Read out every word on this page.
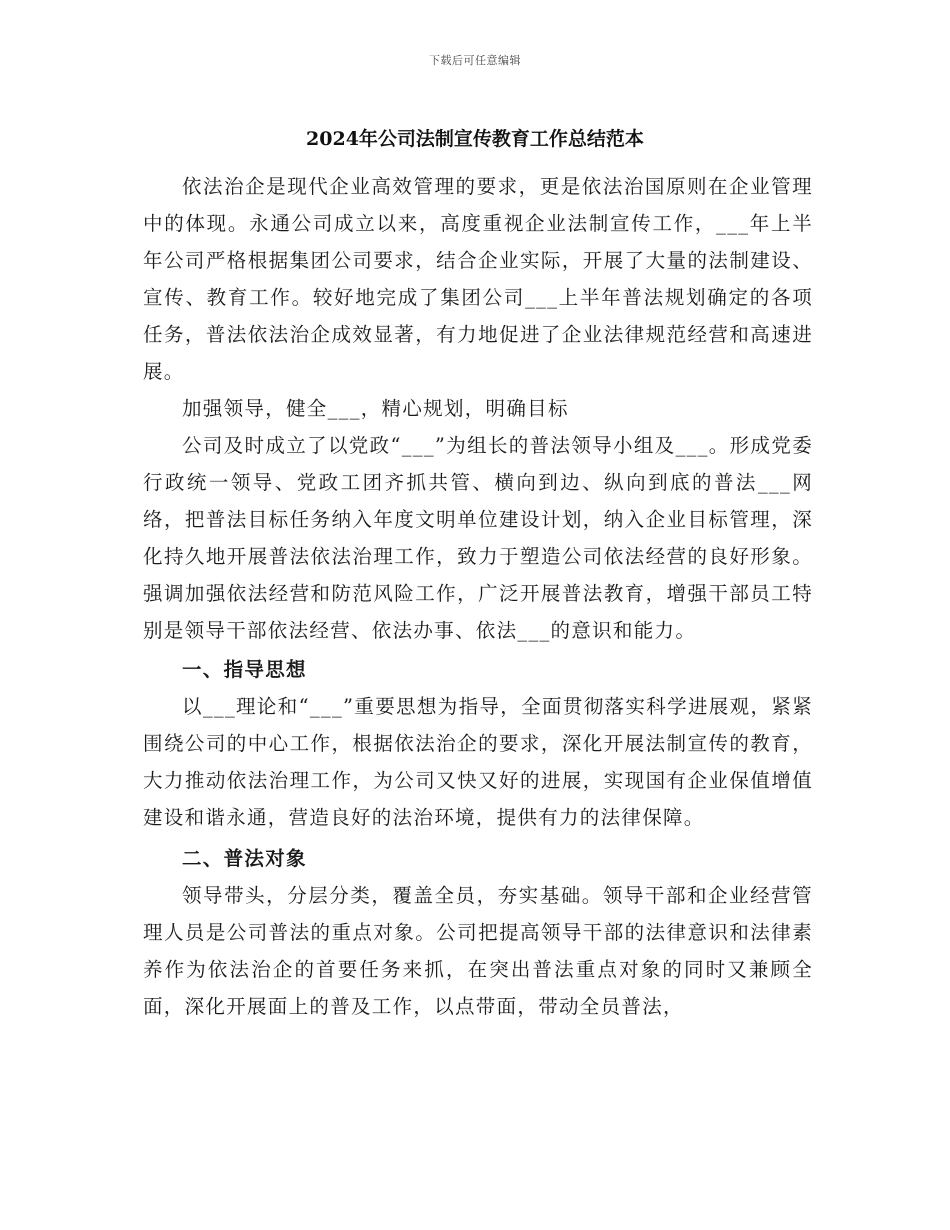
下载后可任意编辑
2024年公司法制宣传教育工作总结范本

依法治企是现代企业高效管理的要求，更是依法治国原则在企业管理中的体现。永通公司成立以来，高度重视企业法制宣传工作，___年上半年公司严格根据集团公司要求，结合企业实际，开展了大量的法制建设、宣传、教育工作。较好地完成了集团公司___上半年普法规划确定的各项任务，普法依法治企成效显著，有力地促进了企业法律规范经营和高速进展。

加强领导，健全___，精心规划，明确目标

公司及时成立了以党政“___”为组长的普法领导小组及___。形成党委行政统一领导、党政工团齐抓共管、横向到边、纵向到底的普法___网络，把普法目标任务纳入年度文明单位建设计划，纳入企业目标管理，深化持久地开展普法依法治理工作，致力于塑造公司依法经营的良好形象。强调加强依法经营和防范风险工作，广泛开展普法教育，增强干部员工特别是领导干部依法经营、依法办事、依法___的意识和能力。

一、指导思想

以___理论和“___”重要思想为指导，全面贯彻落实科学进展观，紧紧围绕公司的中心工作，根据依法治企的要求，深化开展法制宣传的教育，大力推动依法治理工作，为公司又快又好的进展，实现国有企业保值增值建设和谐永通，营造良好的法治环境，提供有力的法律保障。

二、普法对象

领导带头，分层分类，覆盖全员，夯实基础。领导干部和企业经营管理人员是公司普法的重点对象。公司把提高领导干部的法律意识和法律素养作为依法治企的首要任务来抓，在突出普法重点对象的同时又兼顾全面，深化开展面上的普及工作，以点带面，带动全员普法，
